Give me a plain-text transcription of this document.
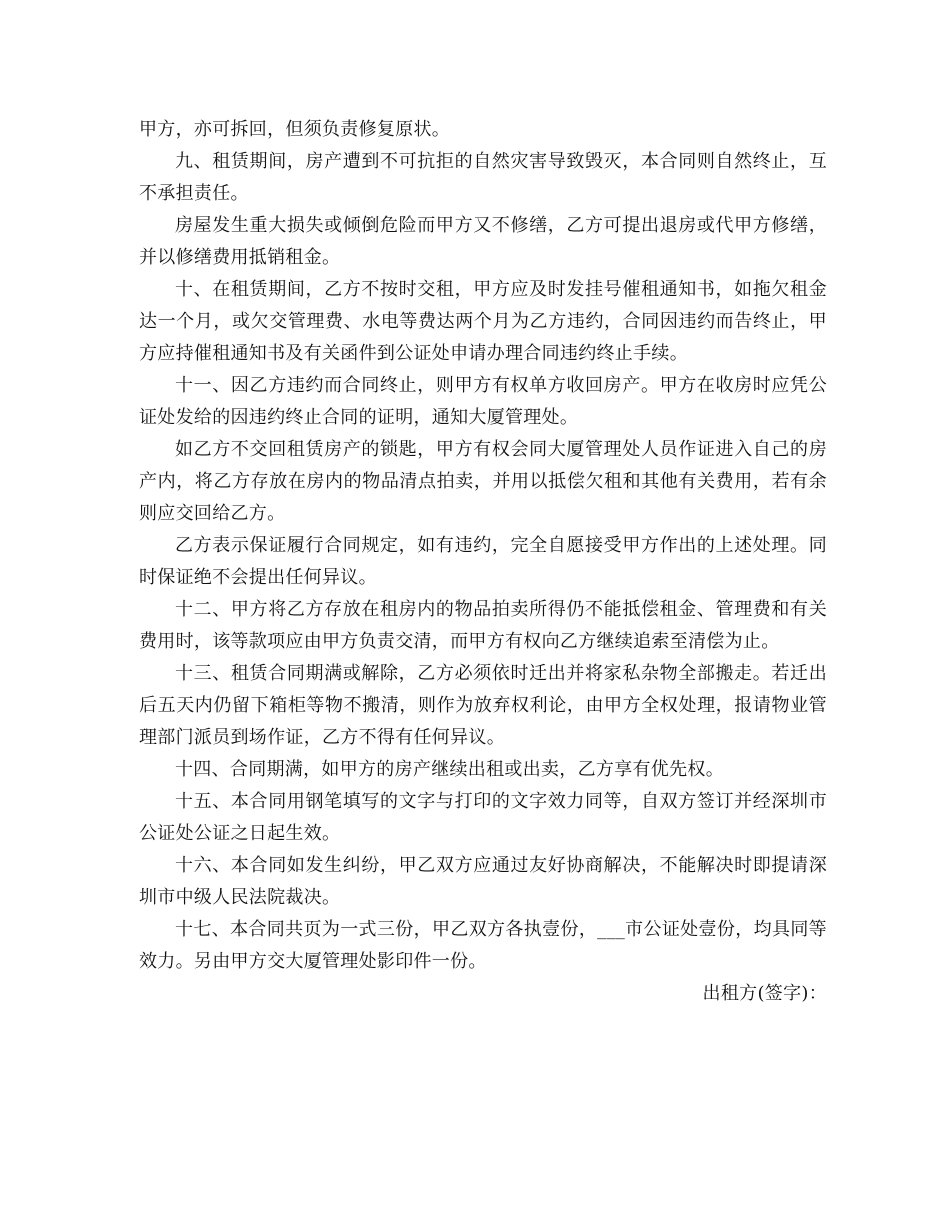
甲方，亦可拆回，但须负责修复原状。

九、租赁期间，房产遭到不可抗拒的自然灾害导致毁灭，本合同则自然终止，互不承担责任。

房屋发生重大损失或倾倒危险而甲方又不修缮，乙方可提出退房或代甲方修缮，并以修缮费用抵销租金。

十、在租赁期间，乙方不按时交租，甲方应及时发挂号催租通知书，如拖欠租金达一个月，或欠交管理费、水电等费达两个月为乙方违约，合同因违约而告终止，甲方应持催租通知书及有关函件到公证处申请办理合同违约终止手续。

十一、因乙方违约而合同终止，则甲方有权单方收回房产。甲方在收房时应凭公证处发给的因违约终止合同的证明，通知大厦管理处。

如乙方不交回租赁房产的锁匙，甲方有权会同大厦管理处人员作证进入自己的房产内，将乙方存放在房内的物品清点拍卖，并用以抵偿欠租和其他有关费用，若有余则应交回给乙方。

乙方表示保证履行合同规定，如有违约，完全自愿接受甲方作出的上述处理。同时保证绝不会提出任何异议。

十二、甲方将乙方存放在租房内的物品拍卖所得仍不能抵偿租金、管理费和有关费用时，该等款项应由甲方负责交清，而甲方有权向乙方继续追索至清偿为止。

十三、租赁合同期满或解除，乙方必须依时迁出并将家私杂物全部搬走。若迁出后五天内仍留下箱柜等物不搬清，则作为放弃权利论，由甲方全权处理，报请物业管理部门派员到场作证，乙方不得有任何异议。

十四、合同期满，如甲方的房产继续出租或出卖，乙方享有优先权。

十五、本合同用钢笔填写的文字与打印的文字效力同等，自双方签订并经深圳市公证处公证之日起生效。

十六、本合同如发生纠纷，甲乙双方应通过友好协商解决，不能解决时即提请深圳市中级人民法院裁决。

十七、本合同共页为一式三份，甲乙双方各执壹份，___市公证处壹份，均具同等效力。另由甲方交大厦管理处影印件一份。

出租方(签字)：
